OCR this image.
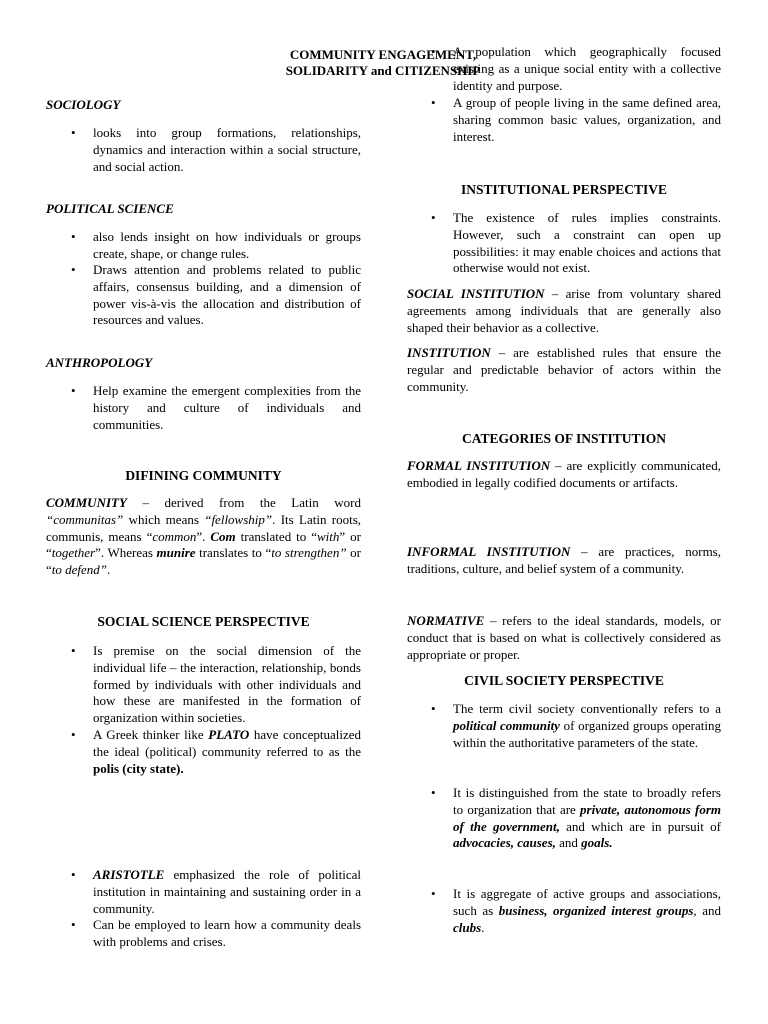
COMMUNITY ENGAGEMENT,
SOLIDARITY and CITIZENSHIP
SOCIOLOGY
• looks into group formations, relationships, dynamics and interaction within a social structure, and social action.
POLITICAL SCIENCE
• also lends insight on how individuals or groups create, shape, or change rules.
• Draws attention and problems related to public affairs, consensus building, and a dimension of power vis-à-vis the allocation and distribution of resources and values.
ANTHROPOLOGY
• Help examine the emergent complexities from the history and culture of individuals and communities.
DIFINING COMMUNITY
COMMUNITY – derived from the Latin word “communitas” which means “fellowship”. Its Latin roots, communis, means “common”. Com translated to “with” or “together”. Whereas munire translates to “to strengthen” or “to defend”.
SOCIAL SCIENCE PERSPECTIVE
• Is premise on the social dimension of the individual life – the interaction, relationship, bonds formed by individuals with other individuals and how these are manifested in the formation of organization within societies.
• A Greek thinker like PLATO have conceptualized the ideal (political) community referred to as the polis (city state).
• ARISTOTLE emphasized the role of political institution in maintaining and sustaining order in a community.
• Can be employed to learn how a community deals with problems and crises.
• A population which geographically focused existing as a unique social entity with a collective identity and purpose.
• A group of people living in the same defined area, sharing common basic values, organization, and interest.
INSTITUTIONAL PERSPECTIVE
• The existence of rules implies constraints. However, such a constraint can open up possibilities: it may enable choices and actions that otherwise would not exist.
SOCIAL INSTITUTION – arise from voluntary shared agreements among individuals that are generally also shaped their behavior as a collective.
INSTITUTION – are established rules that ensure the regular and predictable behavior of actors within the community.
CATEGORIES OF INSTITUTION
FORMAL INSTITUTION – are explicitly communicated, embodied in legally codified documents or artifacts.
INFORMAL INSTITUTION – are practices, norms, traditions, culture, and belief system of a community.
NORMATIVE – refers to the ideal standards, models, or conduct that is based on what is collectively considered as appropriate or proper.
CIVIL SOCIETY PERSPECTIVE
• The term civil society conventionally refers to a political community of organized groups operating within the authoritative parameters of the state.
• It is distinguished from the state to broadly refers to organization that are private, autonomous form of the government, and which are in pursuit of advocacies, causes, and goals.
• It is aggregate of active groups and associations, such as business, organized interest groups, and clubs.
